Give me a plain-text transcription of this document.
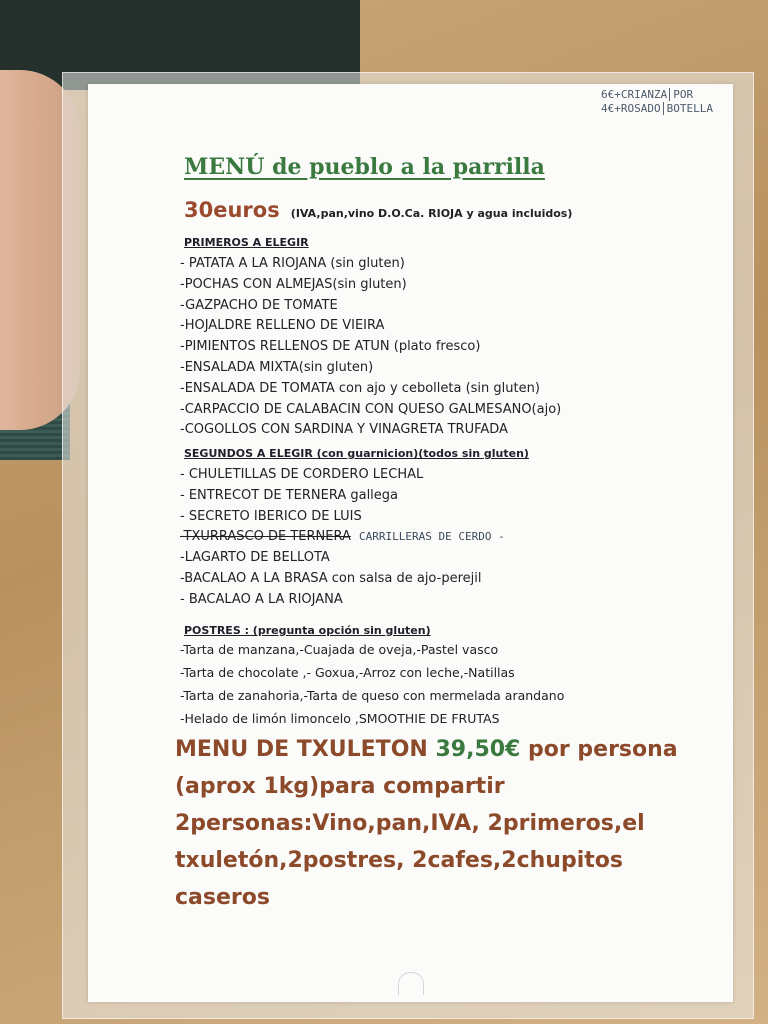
6€+CRIANZA POR
4€+ROSADO BOTELLA
MENÚ de pueblo a la parrilla
30euros (IVA,pan,vino D.O.Ca. RIOJA y agua incluidos)
PRIMEROS A ELEGIR
- PATATA A LA RIOJANA (sin gluten)
-POCHAS CON ALMEJAS(sin gluten)
-GAZPACHO DE TOMATE
-HOJALDRE RELLENO DE VIEIRA
-PIMIENTOS RELLENOS DE ATUN (plato fresco)
-ENSALADA MIXTA(sin gluten)
-ENSALADA DE TOMATA con ajo y cebolleta (sin gluten)
-CARPACCIO DE CALABACIN CON QUESO GALMESANO(ajo)
-COGOLLOS CON SARDINA Y VINAGRETA TRUFADA
SEGUNDOS A ELEGIR (con guarnicion)(todos sin gluten)
- CHULETILLAS DE CORDERO LECHAL
- ENTRECOT DE TERNERA gallega
- SECRETO IBERICO DE LUIS
-TXURRASCO DE TERNERA CARRILLERAS DE CERDO -
-LAGARTO DE BELLOTA
-BACALAO A LA BRASA con salsa de ajo-perejil
- BACALAO A LA RIOJANA
POSTRES : (pregunta opción sin gluten)
-Tarta de manzana,-Cuajada de oveja,-Pastel vasco
-Tarta de chocolate ,- Goxua,-Arroz con leche,-Natillas
-Tarta de zanahoria,-Tarta de queso con mermelada arandano
-Helado de limón limoncelo ,SMOOTHIE DE FRUTAS
MENU DE TXULETON 39,50€ por persona (aprox 1kg)para compartir 2personas:Vino,pan,IVA, 2primeros,el txuletón,2postres, 2cafes,2chupitos caseros
